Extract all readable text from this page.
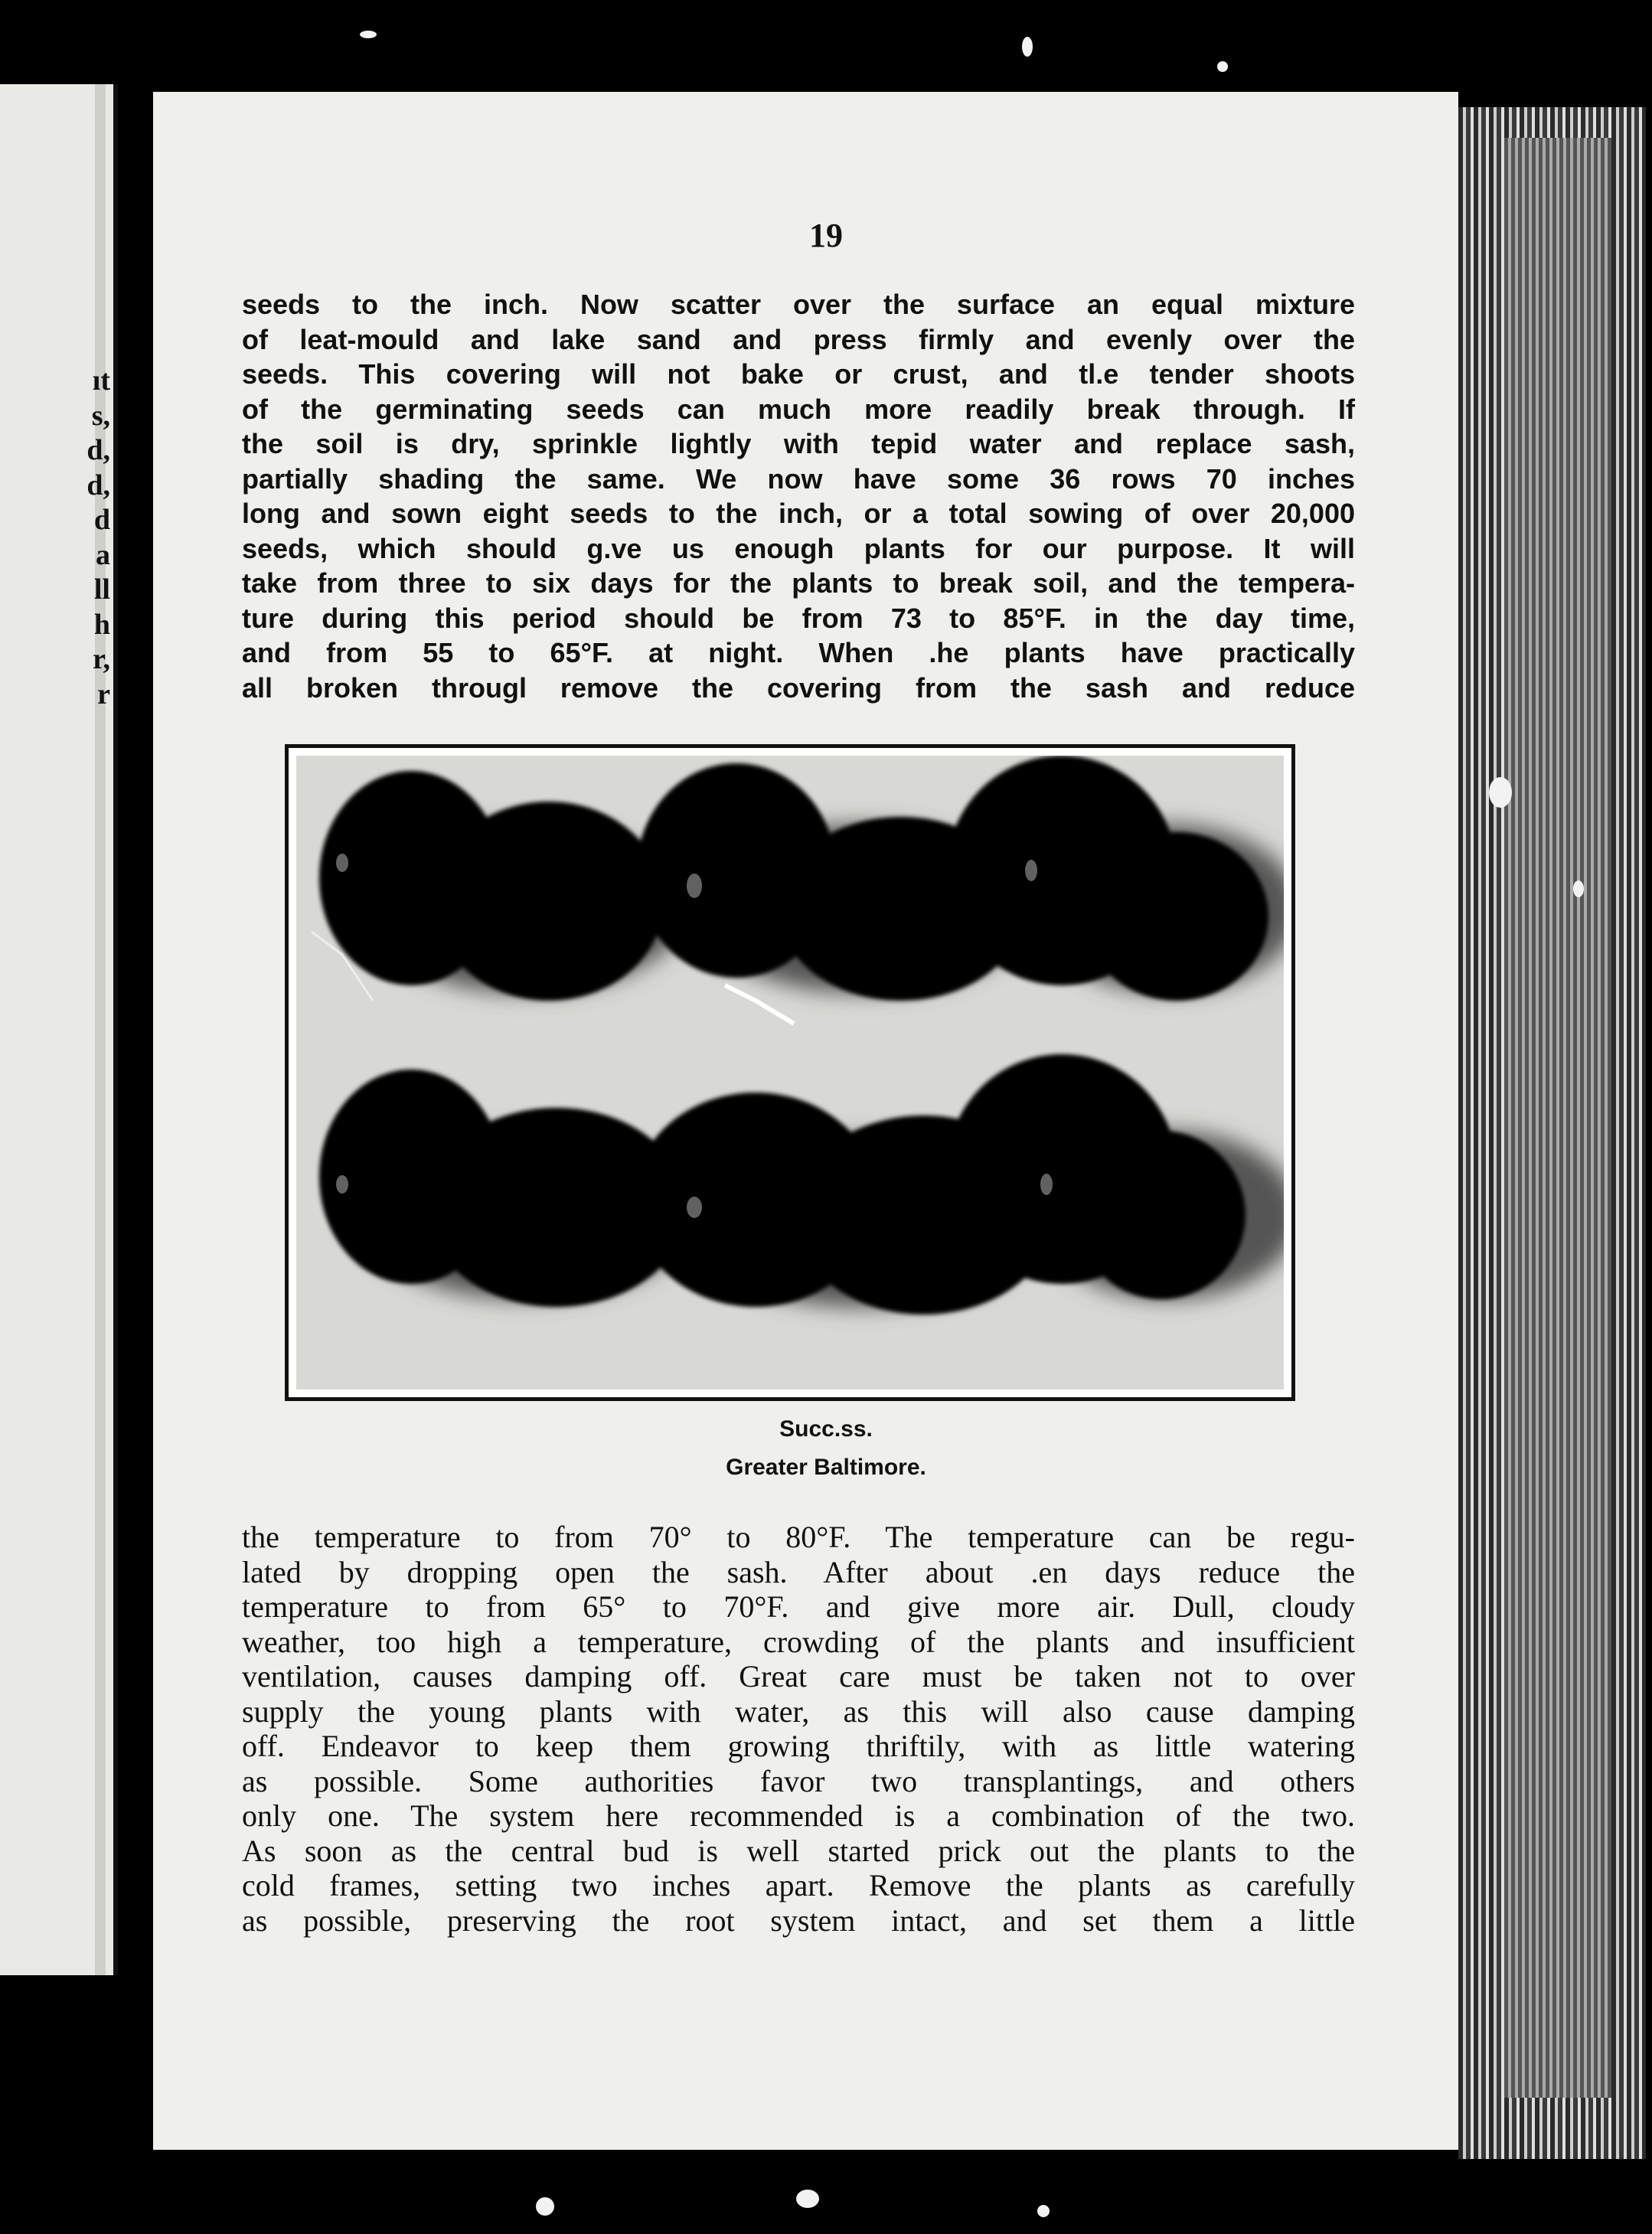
ıt
s,
d,
d,
d
a
ll
h
r,
r
19
seeds to the inch. Now scatter over the surface an equal mixture
of leat-mould and lake sand and press firmly and evenly over the
seeds. This covering will not bake or crust, and tl.e tender shoots
of the germinating seeds can much more readily break through. If
the soil is dry, sprinkle lightly with tepid water and replace sash,
partially shading the same. We now have some 36 rows 70 inches
long and sown eight seeds to the inch, or a total sowing of over 20,000
seeds, which should g.ve us enough plants for our purpose. It will
take from three to six days for the plants to break soil, and the tempera-
ture during this period should be from 73 to 85°F. in the day time,
and from 55 to 65°F. at night. When .he plants have practically
all broken througl remove the covering from the sash and reduce
Succ.ss.
Greater Baltimore.
the temperature to from 70° to 80°F. The temperature can be regu-
lated by dropping open the sash. After about .en days reduce the
temperature to from 65° to 70°F. and give more air. Dull, cloudy
weather, too high a temperature, crowding of the plants and insufficient
ventilation, causes damping off. Great care must be taken not to over
supply the young plants with water, as this will also cause damping
off. Endeavor to keep them growing thriftily, with as little watering
as possible. Some authorities favor two transplantings, and others
only one. The system here recommended is a combination of the two.
As soon as the central bud is well started prick out the plants to the
cold frames, setting two inches apart. Remove the plants as carefully
as possible, preserving the root system intact, and set them a little
